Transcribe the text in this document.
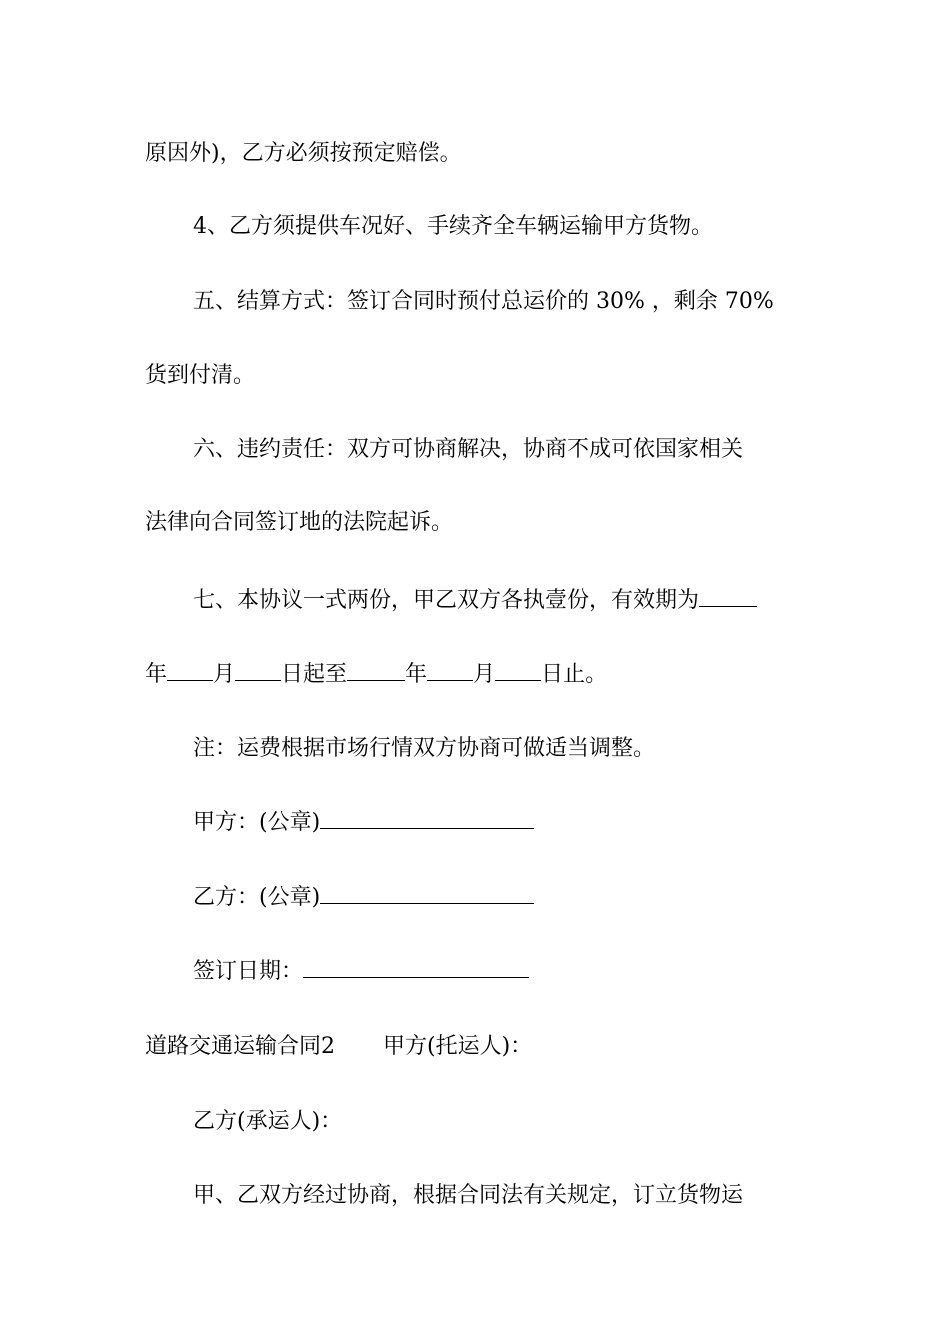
原因外)，乙方必须按预定赔偿。
4、乙方须提供车况好、手续齐全车辆运输甲方货物。
五、结算方式：签订合同时预付总运价的 30% ，剩余 70%
货到付清。
六、违约责任：双方可协商解决，协商不成可依国家相关
法律向合同签订地的法院起诉。
七、本协议一式两份，甲乙双方各执壹份，有效期为
年 月 日起至	年 月 日止。
注：运费根据市场行情双方协商可做适当调整。
甲方：(公章)
乙方：(公章)
签订日期：
道路交通运输合同2 甲方(托运人)：
乙方(承运人)：
甲、乙双方经过协商，根据合同法有关规定，订立货物运
